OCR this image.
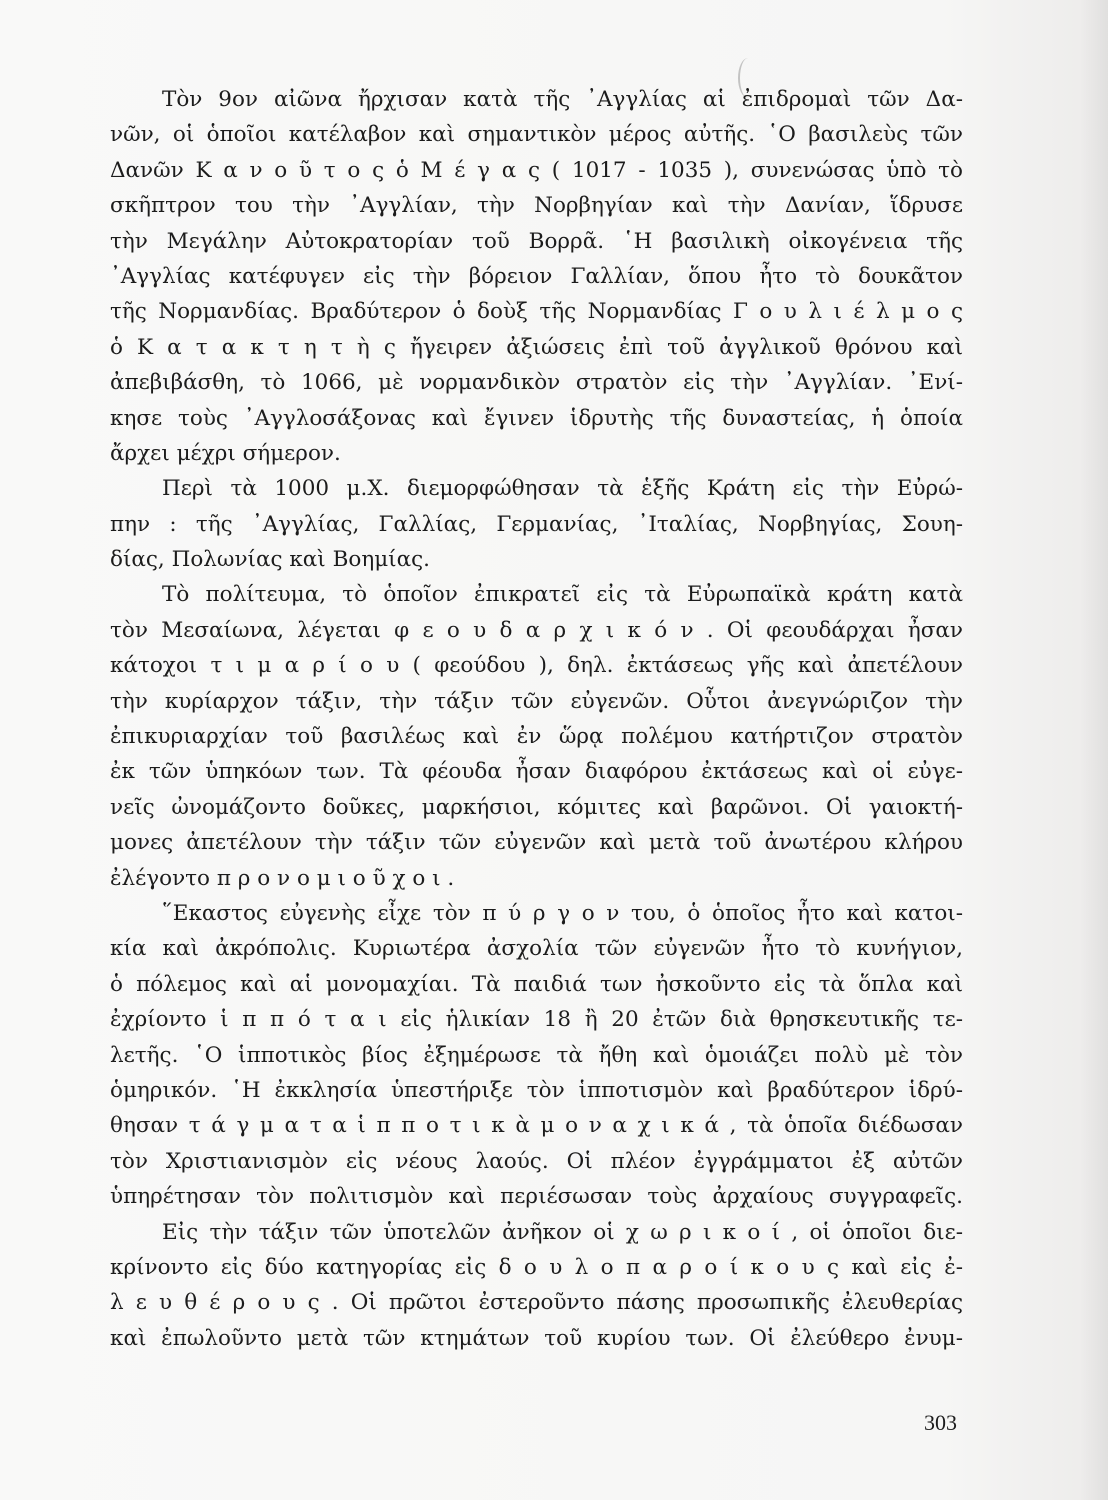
Τὸν 9ον αἰῶνα ἤρχισαν κατὰ τῆς ᾿Αγγλίας αἱ ἐπιδρομαὶ τῶν Δα-
νῶν, οἱ ὁποῖοι κατέλαβον καὶ σημαντικὸν μέρος αὐτῆς. ῾Ο βασιλεὺς τῶν
Δανῶν Κ α ν ο ῦ τ ο ς ὁ Μ έ γ α ς ( 1017 - 1035 ), συνενώσας ὑπὸ τὸ
σκῆπτρον του τὴν ᾿Αγγλίαν, τὴν Νορβηγίαν καὶ τὴν Δανίαν, ἵδρυσε
τὴν Μεγάλην Αὐτοκρατορίαν τοῦ Βορρᾶ. ῾Η βασιλικὴ οἰκογένεια τῆς
᾿Αγγλίας κατέφυγεν εἰς τὴν βόρειον Γαλλίαν, ὅπου ἦτο τὸ δουκᾶτον
τῆς Νορμανδίας. Βραδύτερον ὁ δοὺξ τῆς Νορμανδίας Γ ο υ λ ι έ λ μ ο ς
ὁ Κ α τ α κ τ η τ ὴ ς ἤγειρεν ἀξιώσεις ἐπὶ τοῦ ἀγγλικοῦ θρόνου καὶ
ἀπεβιβάσθη, τὸ 1066, μὲ νορμανδικὸν στρατὸν εἰς τὴν ᾿Αγγλίαν. ᾿Ενί-
κησε τοὺς ᾿Αγγλοσάξονας καὶ ἔγινεν ἱδρυτὴς τῆς δυναστείας, ἡ ὁποία
ἄρχει μέχρι σήμερον.
Περὶ τὰ 1000 μ.Χ. διεμορφώθησαν τὰ ἑξῆς Κράτη εἰς τὴν Εὐρώ-
πην : τῆς ᾿Αγγλίας, Γαλλίας, Γερμανίας, ᾿Ιταλίας, Νορβηγίας, Σουη-
δίας, Πολωνίας καὶ Βοημίας.
Τὸ πολίτευμα, τὸ ὁποῖον ἐπικρατεῖ εἰς τὰ Εὐρωπαϊκὰ κράτη κατὰ
τὸν Μεσαίωνα, λέγεται φ ε ο υ δ α ρ χ ι κ ό ν . Οἱ φεουδάρχαι ἦσαν
κάτοχοι τ ι μ α ρ ί ο υ ( φεούδου ), δηλ. ἐκτάσεως γῆς καὶ ἀπετέλουν
τὴν κυρίαρχον τάξιν, τὴν τάξιν τῶν εὐγενῶν. Οὗτοι ἀνεγνώριζον τὴν
ἐπικυριαρχίαν τοῦ βασιλέως καὶ ἐν ὥρᾳ πολέμου κατήρτιζον στρατὸν
ἐκ τῶν ὑπηκόων των. Τὰ φέουδα ἦσαν διαφόρου ἐκτάσεως καὶ οἱ εὐγε-
νεῖς ὠνομάζοντο δοῦκες, μαρκήσιοι, κόμιτες καὶ βαρῶνοι. Οἱ γαιοκτή-
μονες ἀπετέλουν τὴν τάξιν τῶν εὐγενῶν καὶ μετὰ τοῦ ἀνωτέρου κλήρου
ἐλέγοντο π ρ ο ν ο μ ι ο ῦ χ ο ι .
῞Εκαστος εὐγενὴς εἶχε τὸν π ύ ρ γ ο ν του, ὁ ὁποῖος ἦτο καὶ κατοι-
κία καὶ ἀκρόπολις. Κυριωτέρα ἀσχολία τῶν εὐγενῶν ἦτο τὸ κυνήγιον,
ὁ πόλεμος καὶ αἱ μονομαχίαι. Τὰ παιδιά των ἠσκοῦντο εἰς τὰ ὅπλα καὶ
ἐχρίοντο ἱ π π ό τ α ι εἰς ἡλικίαν 18 ἢ 20 ἐτῶν διὰ θρησκευτικῆς τε-
λετῆς. ῾Ο ἱπποτικὸς βίος ἐξημέρωσε τὰ ἤθη καὶ ὁμοιάζει πολὺ μὲ τὸν
ὁμηρικόν. ῾Η ἐκκλησία ὑπεστήριξε τὸν ἱπποτισμὸν καὶ βραδύτερον ἱδρύ-
θησαν τ ά γ μ α τ α ἱ π π ο τ ι κ ὰ μ ο ν α χ ι κ ά , τὰ ὁποῖα διέδωσαν
τὸν Χριστιανισμὸν εἰς νέους λαούς. Οἱ πλέον ἐγγράμματοι ἐξ αὐτῶν
ὑπηρέτησαν τὸν πολιτισμὸν καὶ περιέσωσαν τοὺς ἀρχαίους συγγραφεῖς.
Εἰς τὴν τάξιν τῶν ὑποτελῶν ἀνῆκον οἱ χ ω ρ ι κ ο ί , οἱ ὁποῖοι διε-
κρίνοντο εἰς δύο κατηγορίας εἰς δ ο υ λ ο π α ρ ο ί κ ο υ ς καὶ εἰς ἐ-
λ ε υ θ έ ρ ο υ ς . Οἱ πρῶτοι ἐστεροῦντο πάσης προσωπικῆς ἐλευθερίας
καὶ ἐπωλοῦντο μετὰ τῶν κτημάτων τοῦ κυρίου των. Οἱ ἐλεύθερο ἐνυμ-
303
